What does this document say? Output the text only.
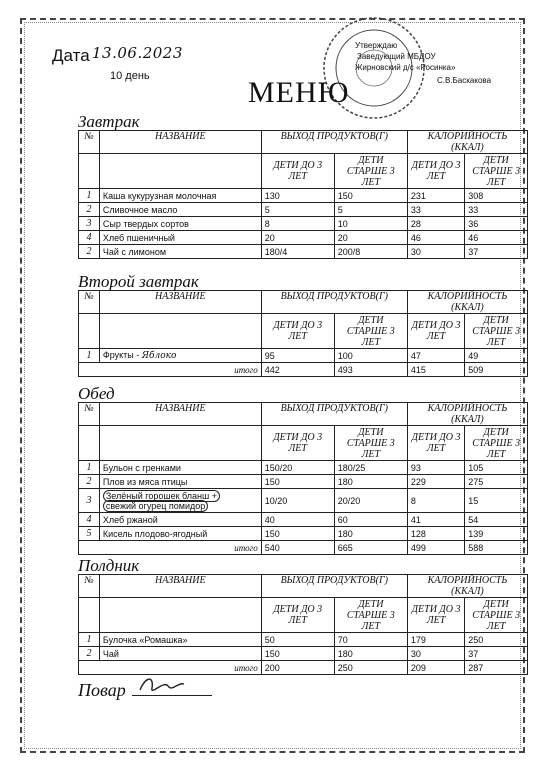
Дата 13.06.2023
10 день
Утверждаю
Заведующий МБДОУ
Жирновский д/с «Росинка»
С.В.Баскакова
МЕНЮ
Завтрак
№	НАЗВАНИЕ	ВЫХОД ПРОДУКТОВ(Г)		КАЛОРИЙНОСТЬ (ККАЛ)	
		ДЕТИ ДО 3 ЛЕТ	ДЕТИ СТАРШЕ 3 ЛЕТ	ДЕТИ ДО 3 ЛЕТ	ДЕТИ СТАРШЕ 3 ЛЕТ
1	Каша кукурузная молочная	130	150	231	308
2	Сливочное масло	5	5	33	33
3	Сыр твердых сортов	8	10	28	36
4	Хлеб пшеничный	20	20	46	46
2	Чай с лимоном	180/4	200/8	30	37
Второй завтрак
№	НАЗВАНИЕ	ВЫХОД ПРОДУКТОВ(Г)		КАЛОРИЙНОСТЬ (ККАЛ)	
		ДЕТИ ДО 3 ЛЕТ	ДЕТИ СТАРШЕ 3 ЛЕТ	ДЕТИ ДО 3 ЛЕТ	ДЕТИ СТАРШЕ 3 ЛЕТ
1	Фрукты - Яблоко	95	100	47	49
итого		442	493	415	509
Обед
№	НАЗВАНИЕ	ВЫХОД ПРОДУКТОВ(Г)		КАЛОРИЙНОСТЬ (ККАЛ)	
		ДЕТИ ДО 3 ЛЕТ	ДЕТИ СТАРШЕ 3 ЛЕТ	ДЕТИ ДО 3 ЛЕТ	ДЕТИ СТАРШЕ 3 ЛЕТ
1	Бульон с гренками	150/20	180/25	93	105
2	Плов из мяса птицы	150	180	229	275
3	Зелёный горошек бланш +
свежий огурец помидор	10/20	20/20	8	15
4	Хлеб ржаной	40	60	41	54
5	Кисель плодово-ягодный	150	180	128	139
итого		540	665	499	588
Полдник
№	НАЗВАНИЕ	ВЫХОД ПРОДУКТОВ(Г)		КАЛОРИЙНОСТЬ (ККАЛ)	
		ДЕТИ ДО 3 ЛЕТ	ДЕТИ СТАРШЕ 3 ЛЕТ	ДЕТИ ДО 3 ЛЕТ	ДЕТИ СТАРШЕ 3 ЛЕТ
1	Булочка «Ромашка»	50	70	179	250
2	Чай	150	180	30	37
итого		200	250	209	287
Повар
